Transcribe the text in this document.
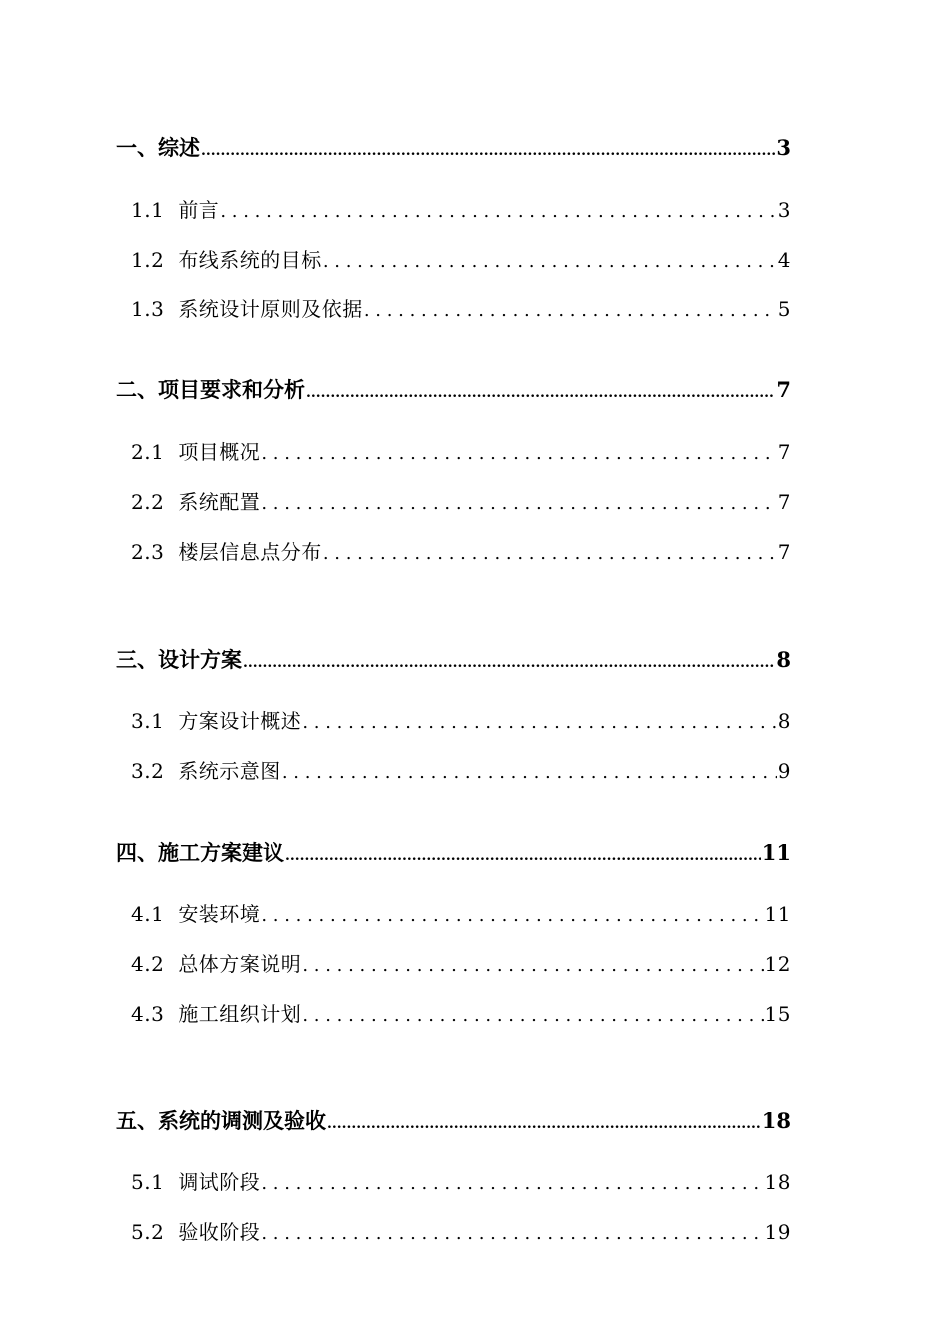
一、综述 .....	3
1.1 前言 . . .	3
1.2 布线系统的目标 . . .	4
1.3 系统设计原则及依据 . . .	5
二、项目要求和分析 .....	7
2.1 项目概况 . . .	7
2.2 系统配置 . . .	7
2.3 楼层信息点分布 . . .	7
三、设计方案 .....	8
3.1 方案设计概述 . . .	8
3.2 系统示意图 . . .	9
四、施工方案建议 .....	11
4.1 安装环境 . . .	11
4.2 总体方案说明 . . .	12
4.3 施工组织计划 . . .	15
五、系统的调测及验收 .....	18
5.1 调试阶段 . . .	18
5.2 验收阶段 . . .	19
